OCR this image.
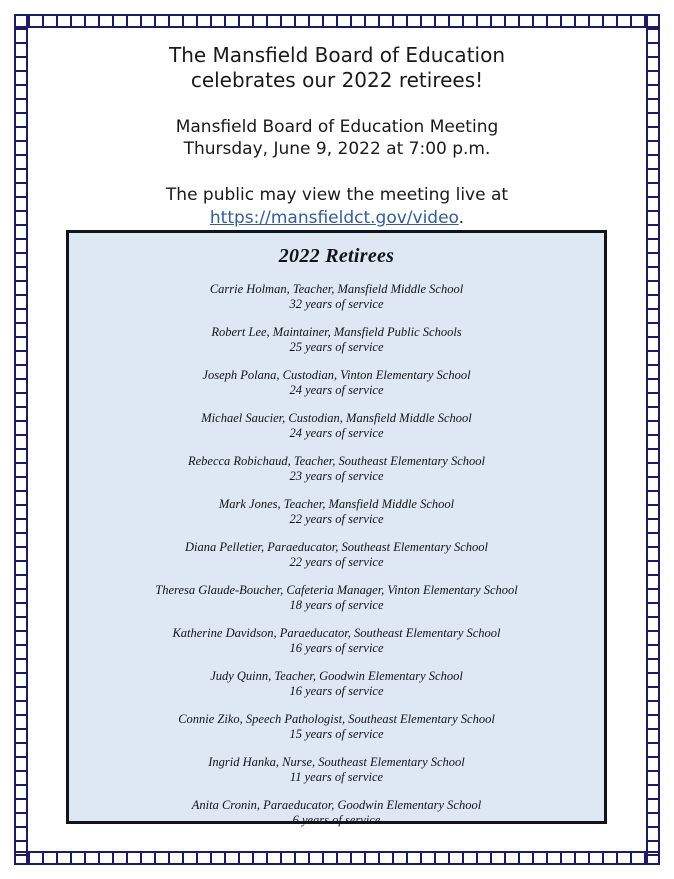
The Mansfield Board of Education
celebrates our 2022 retirees!
Mansfield Board of Education Meeting
Thursday, June 9, 2022 at 7:00 p.m.
The public may view the meeting live at
https://mansfieldct.gov/video.
2022 Retirees
Carrie Holman, Teacher, Mansfield Middle School
32 years of service
Robert Lee, Maintainer, Mansfield Public Schools
25 years of service
Joseph Polana, Custodian, Vinton Elementary School
24 years of service
Michael Saucier, Custodian, Mansfield Middle School
24 years of service
Rebecca Robichaud, Teacher, Southeast Elementary School
23 years of service
Mark Jones, Teacher, Mansfield Middle School
22 years of service
Diana Pelletier, Paraeducator, Southeast Elementary School
22 years of service
Theresa Glaude-Boucher, Cafeteria Manager, Vinton Elementary School
18 years of service
Katherine Davidson, Paraeducator, Southeast Elementary School
16 years of service
Judy Quinn, Teacher, Goodwin Elementary School
16 years of service
Connie Ziko, Speech Pathologist, Southeast Elementary School
15 years of service
Ingrid Hanka, Nurse, Southeast Elementary School
11 years of service
Anita Cronin, Paraeducator, Goodwin Elementary School
6 years of service
